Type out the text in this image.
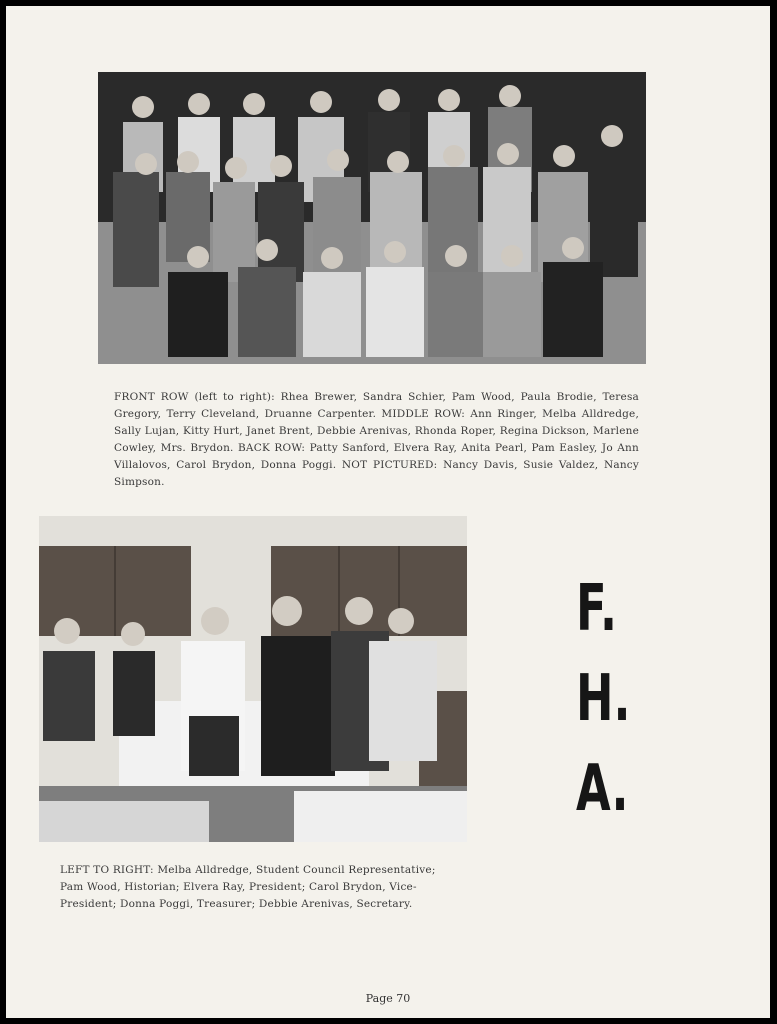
FRONT ROW (left to right): Rhea Brewer, Sandra Schier, Pam Wood, Paula Brodie, Teresa Gregory, Terry Cleveland, Druanne Carpenter. MIDDLE ROW: Ann Ringer, Melba Alldredge, Sally Lujan, Kitty Hurt, Janet Brent, Debbie Arenivas, Rhonda Roper, Regina Dickson, Marlene Cowley, Mrs. Brydon. BACK ROW: Patty Sanford, Elvera Ray, Anita Pearl, Pam Easley, Jo Ann Villalovos, Carol Brydon, Donna Poggi. NOT PICTURED: Nancy Davis, Susie Valdez, Nancy Simpson.
LEFT TO RIGHT: Melba Alldredge, Student Council Representative; Pam Wood, Historian; Elvera Ray, President; Carol Brydon, Vice-President; Donna Poggi, Treasurer; Debbie Arenivas, Secretary.
F.
H.
A.
Page 70
